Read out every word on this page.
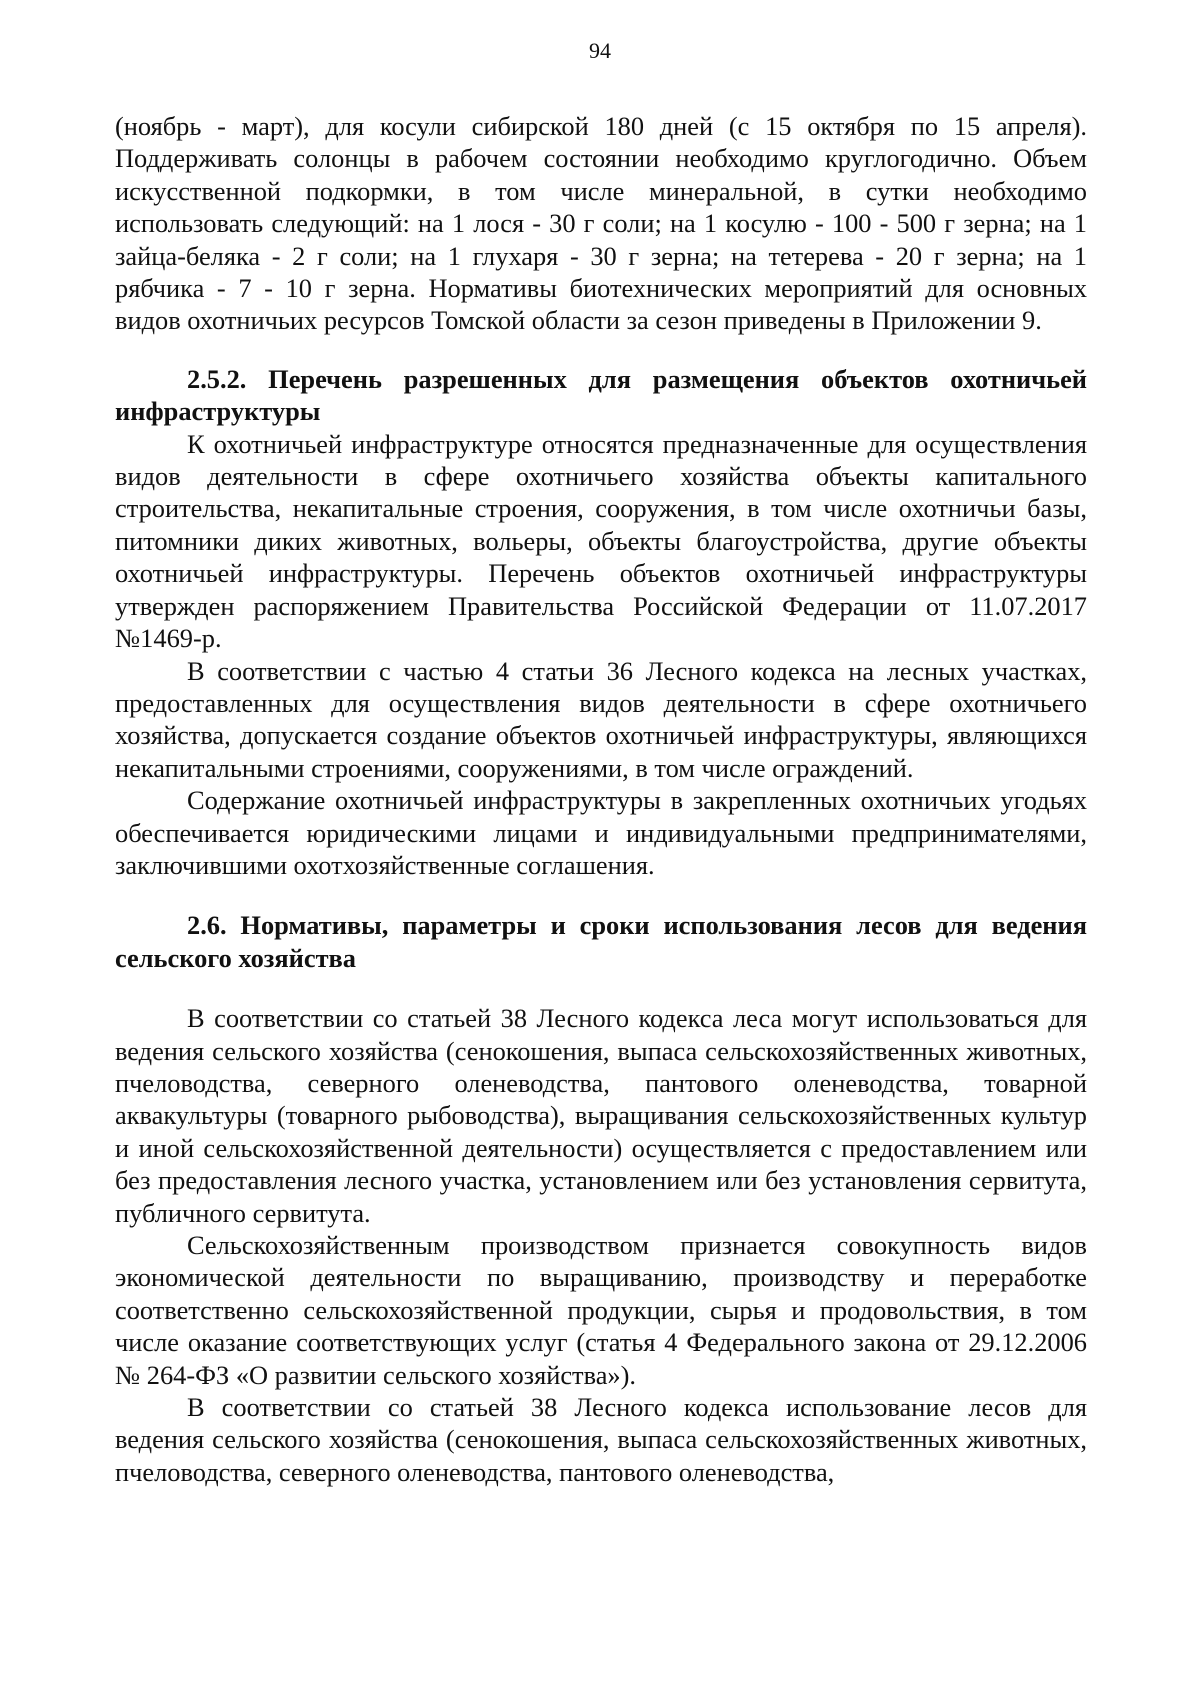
94

(ноябрь - март), для косули сибирской 180 дней (с 15 октября по 15 апреля). Поддерживать солонцы в рабочем состоянии необходимо круглогодично. Объем искусственной подкормки, в том числе минеральной, в сутки необходимо использовать следующий: на 1 лося - 30 г соли; на 1 косулю - 100 - 500 г зерна; на 1 зайца-беляка - 2 г соли; на 1 глухаря - 30 г зерна; на тетерева - 20 г зерна; на 1 рябчика - 7 - 10 г зерна. Нормативы биотехнических мероприятий для основных видов охотничьих ресурсов Томской области за сезон приведены в Приложении 9.

2.5.2. Перечень разрешенных для размещения объектов охотничьей инфраструктуры

К охотничьей инфраструктуре относятся предназначенные для осуществления видов деятельности в сфере охотничьего хозяйства объекты капитального строительства, некапитальные строения, сооружения, в том числе охотничьи базы, питомники диких животных, вольеры, объекты благоустройства, другие объекты охотничьей инфраструктуры. Перечень объектов охотничьей инфраструктуры утвержден распоряжением Правительства Российской Федерации от 11.07.2017 №1469-р.

В соответствии с частью 4 статьи 36 Лесного кодекса на лесных участках, предоставленных для осуществления видов деятельности в сфере охотничьего хозяйства, допускается создание объектов охотничьей инфраструктуры, являющихся некапитальными строениями, сооружениями, в том числе ограждений.

Содержание охотничьей инфраструктуры в закрепленных охотничьих угодьях обеспечивается юридическими лицами и индивидуальными предпринимателями, заключившими охотхозяйственные соглашения.

2.6. Нормативы, параметры и сроки использования лесов для ведения сельского хозяйства

В соответствии со статьей 38 Лесного кодекса леса могут использоваться для ведения сельского хозяйства (сенокошения, выпаса сельскохозяйственных животных, пчеловодства, северного оленеводства, пантового оленеводства, товарной аквакультуры (товарного рыбоводства), выращивания сельскохозяйственных культур и иной сельскохозяйственной деятельности) осуществляется с предоставлением или без предоставления лесного участка, установлением или без установления сервитута, публичного сервитута.

Сельскохозяйственным производством признается совокупность видов экономической деятельности по выращиванию, производству и переработке соответственно сельскохозяйственной продукции, сырья и продовольствия, в том числе оказание соответствующих услуг (статья 4 Федерального закона от 29.12.2006 № 264-ФЗ «О развитии сельского хозяйства»).

В соответствии со статьей 38 Лесного кодекса использование лесов для ведения сельского хозяйства (сенокошения, выпаса сельскохозяйственных животных, пчеловодства, северного оленеводства, пантового оленеводства,
